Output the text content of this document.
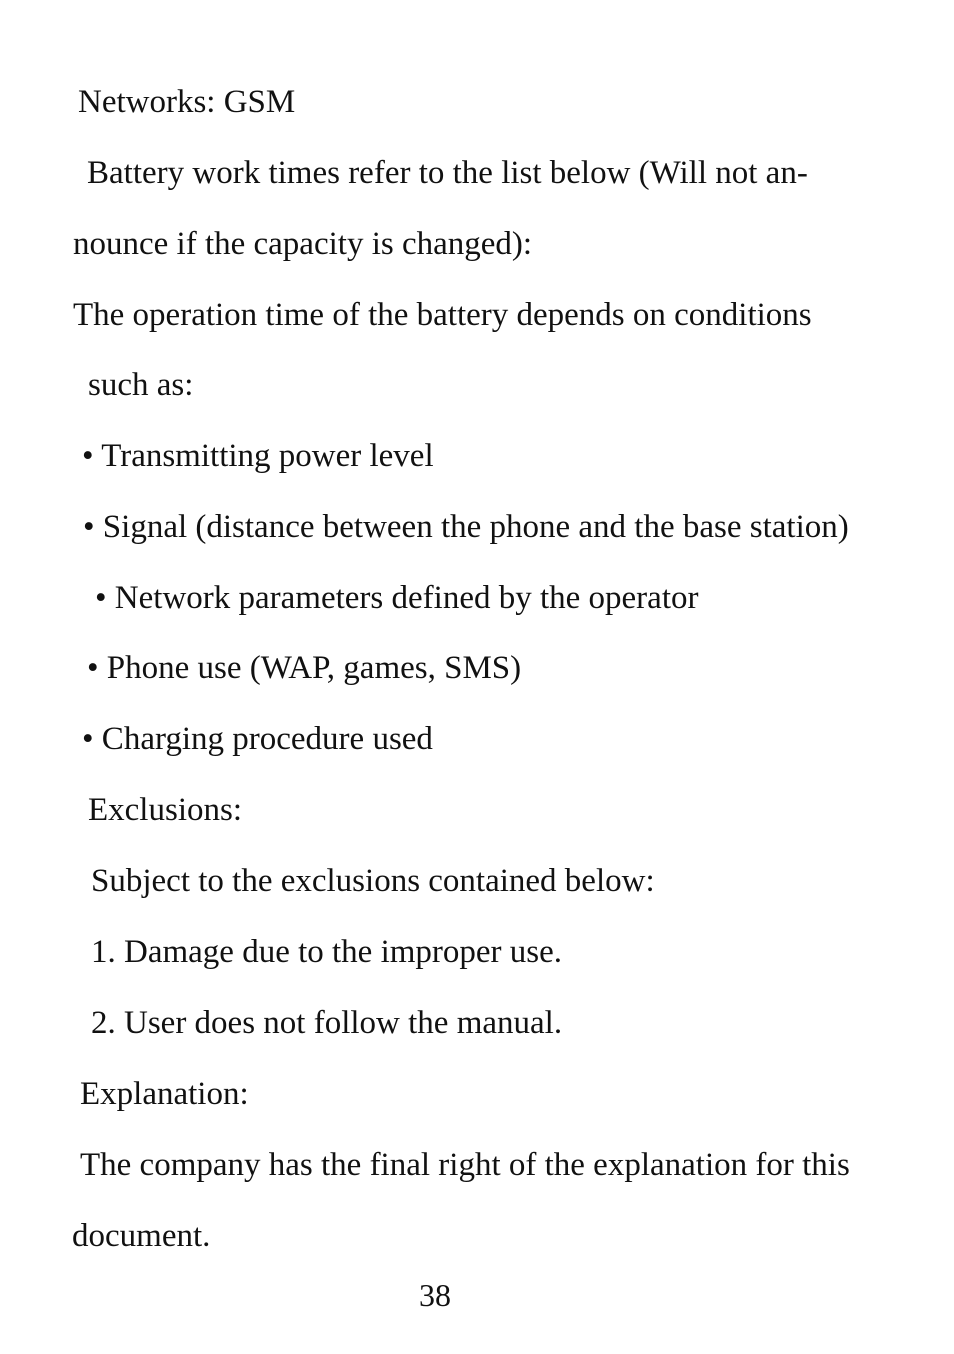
Networks: GSM
Battery work times refer to the list below (Will not an-
nounce if the capacity is changed):
The operation time of the battery depends on conditions
such as:
• Transmitting power level
• Signal (distance between the phone and the base station)
• Network parameters defined by the operator
• Phone use (WAP, games, SMS)
• Charging procedure used
Exclusions:
Subject to the exclusions contained below:
1. Damage due to the improper use.
2. User does not follow the manual.
Explanation:
The company has the final right of the explanation for this
document.
38
